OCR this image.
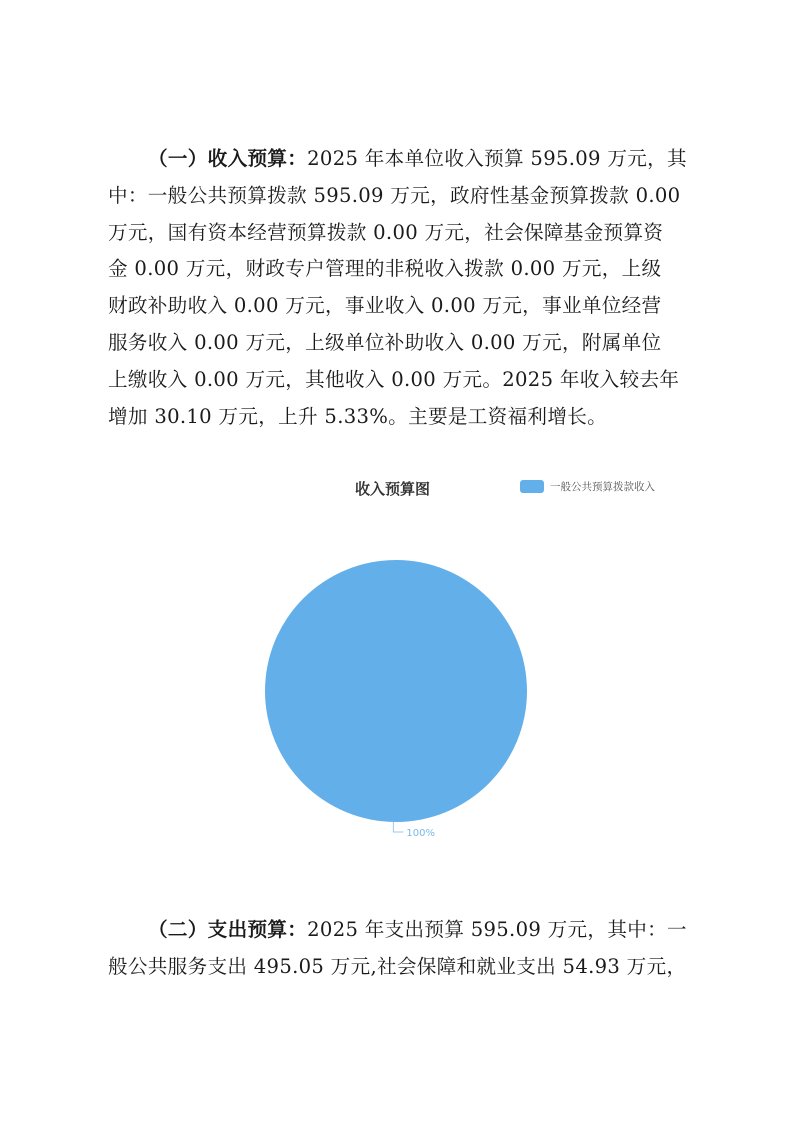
（一）收入预算：2025 年本单位收入预算 595.09 万元，其
中：一般公共预算拨款 595.09 万元，政府性基金预算拨款 0.00
万元，国有资本经营预算拨款 0.00 万元，社会保障基金预算资
金 0.00 万元，财政专户管理的非税收入拨款 0.00 万元，上级
财政补助收入 0.00 万元，事业收入 0.00 万元，事业单位经营
服务收入 0.00 万元，上级单位补助收入 0.00 万元，附属单位
上缴收入 0.00 万元，其他收入 0.00 万元。2025 年收入较去年
增加 30.10 万元，上升 5.33%。主要是工资福利增长。
100%

收入预算图	一般公共预算拨款收入
（二）支出预算：2025 年支出预算 595.09 万元，其中：一
般公共服务支出 495.05 万元,社会保障和就业支出 54.93 万元，
